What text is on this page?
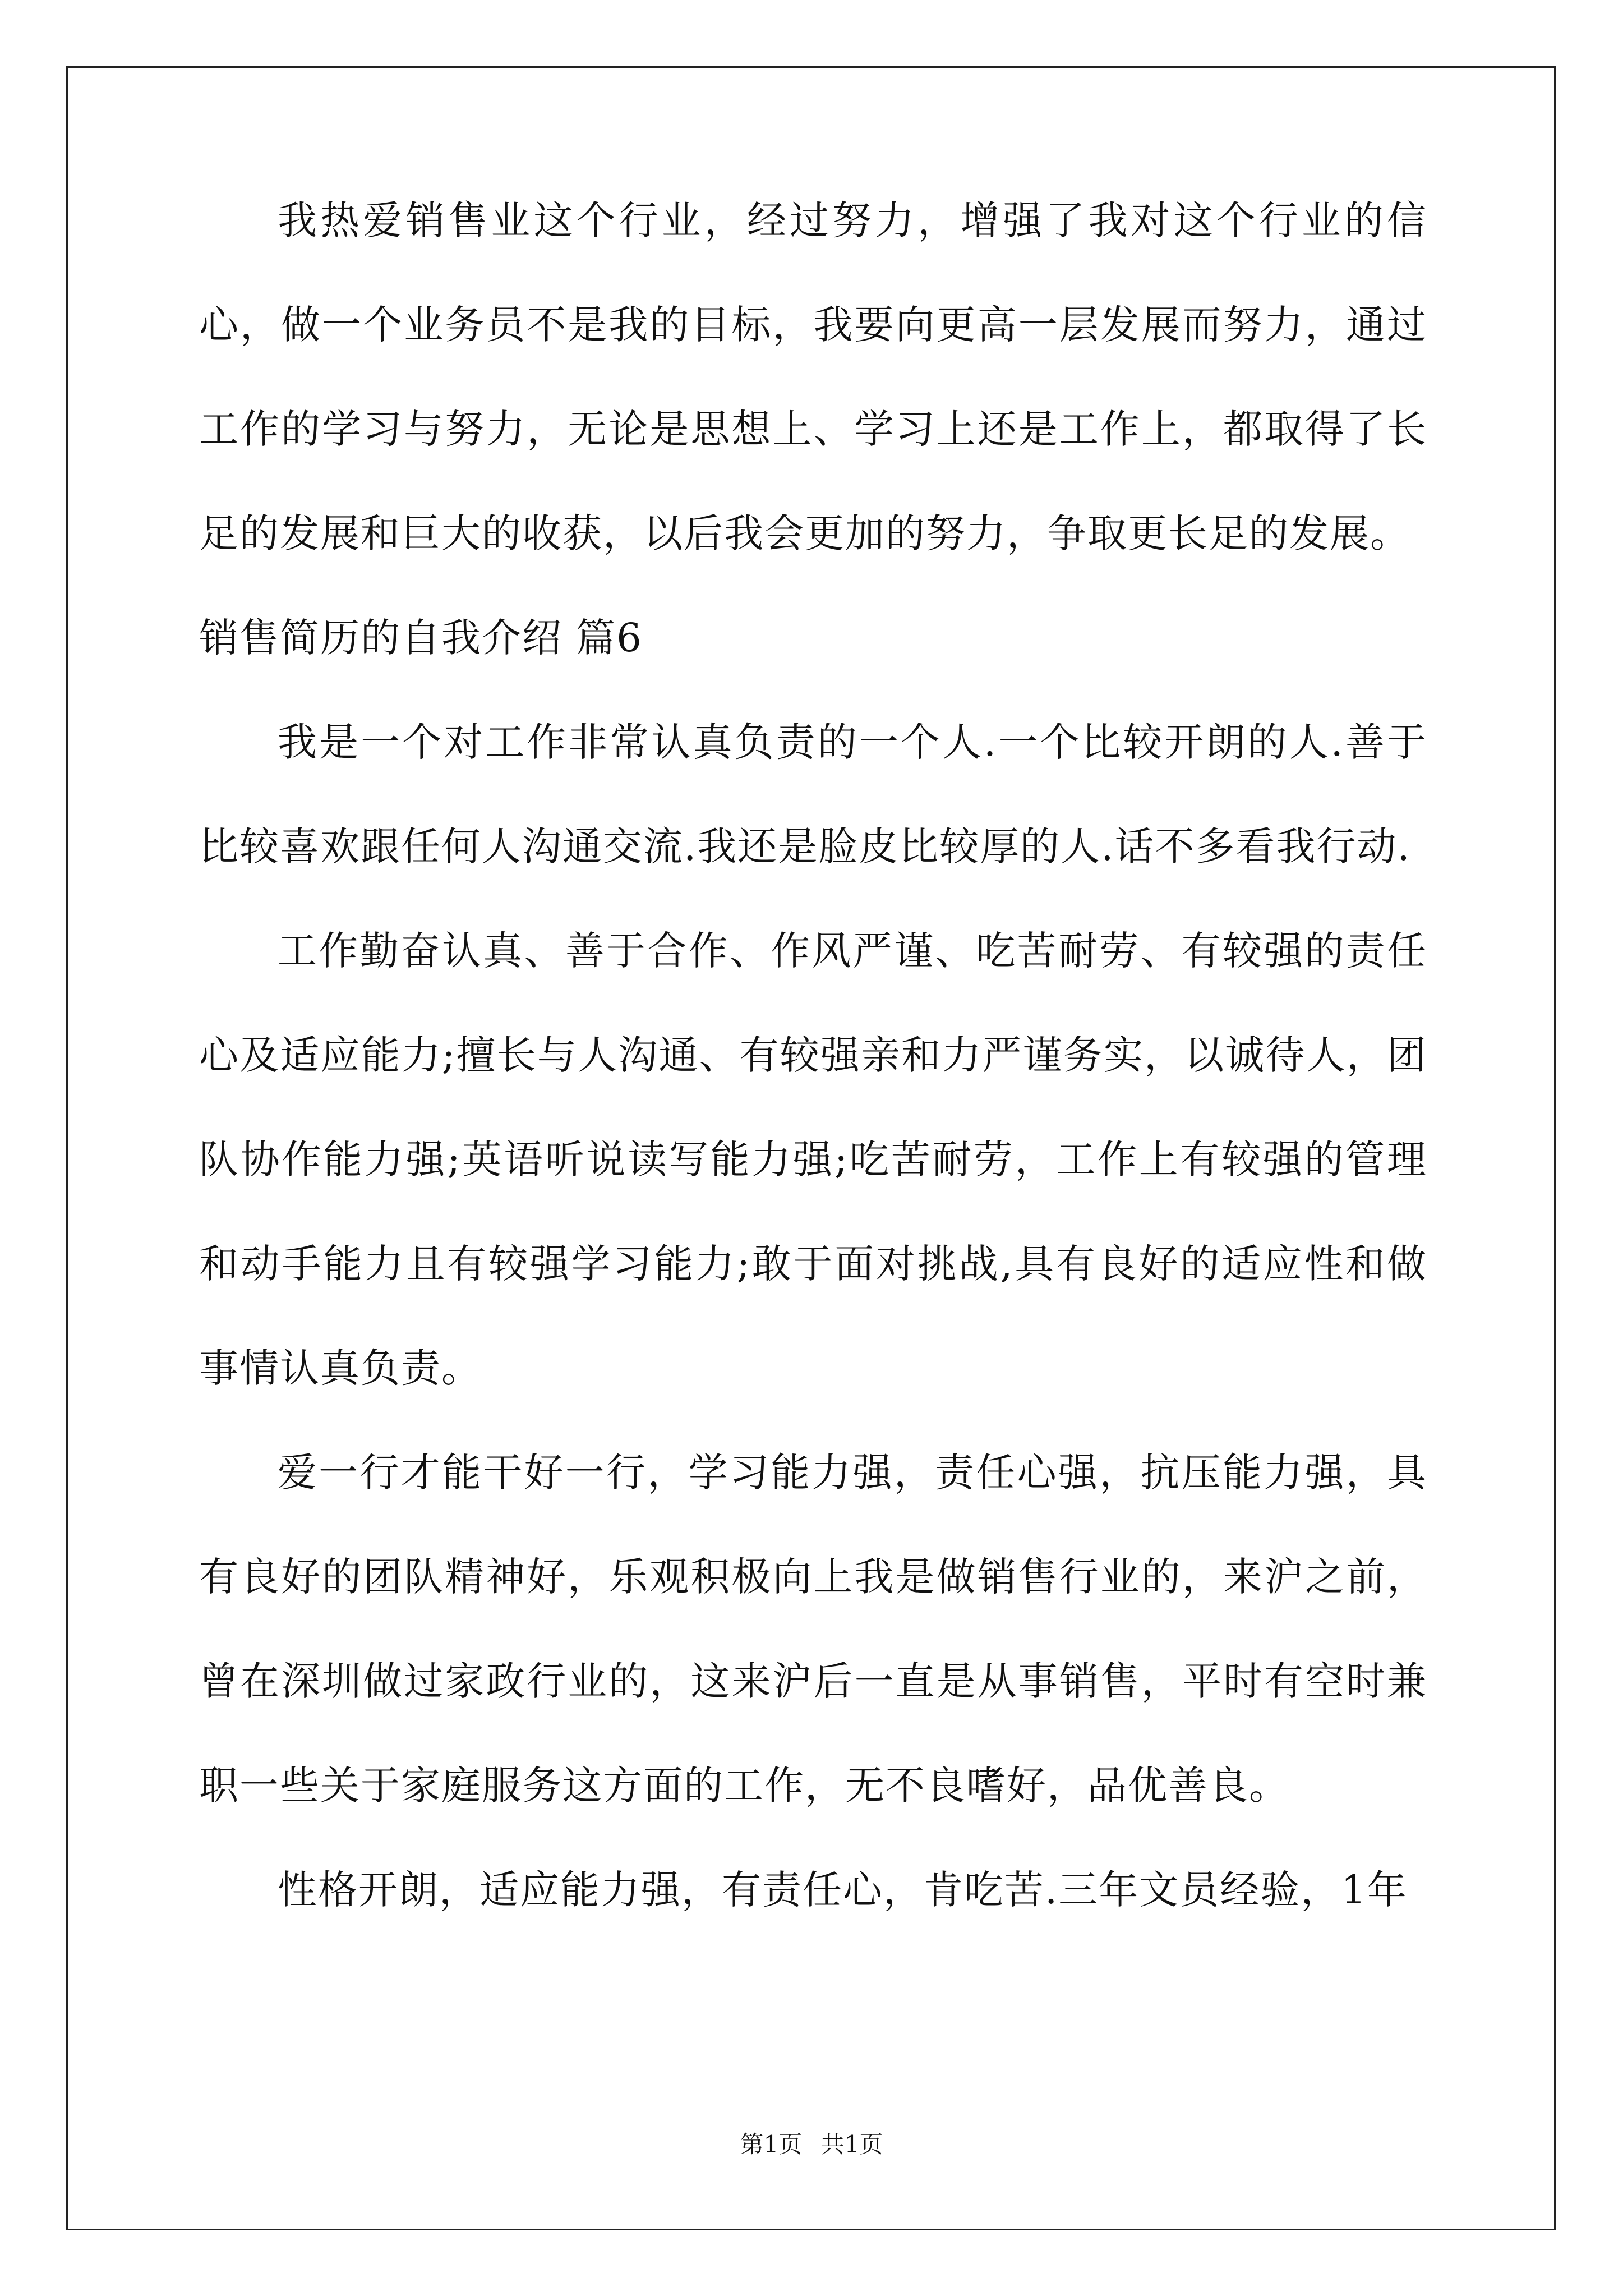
我热爱销售业这个行业，经过努力，增强了我对这个行业的信心，做一个业务员不是我的目标，我要向更高一层发展而努力，通过工作的学习与努力，无论是思想上、学习上还是工作上，都取得了长足的发展和巨大的收获，以后我会更加的努力，争取更长足的发展。

销售简历的自我介绍 篇6

我是一个对工作非常认真负责的一个人.一个比较开朗的人.善于比较喜欢跟任何人沟通交流.我还是脸皮比较厚的人.话不多看我行动.

工作勤奋认真、善于合作、作风严谨、吃苦耐劳、有较强的责任心及适应能力;擅长与人沟通、有较强亲和力严谨务实，以诚待人，团队协作能力强;英语听说读写能力强;吃苦耐劳，工作上有较强的管理和动手能力且有较强学习能力;敢于面对挑战,具有良好的适应性和做事情认真负责。

爱一行才能干好一行，学习能力强，责任心强，抗压能力强，具有良好的团队精神好，乐观积极向上我是做销售行业的，来沪之前，曾在深圳做过家政行业的，这来沪后一直是从事销售，平时有空时兼职一些关于家庭服务这方面的工作，无不良嗜好，品优善良。

性格开朗，适应能力强，有责任心，肯吃苦.三年文员经验，1年

第1页 共1页
